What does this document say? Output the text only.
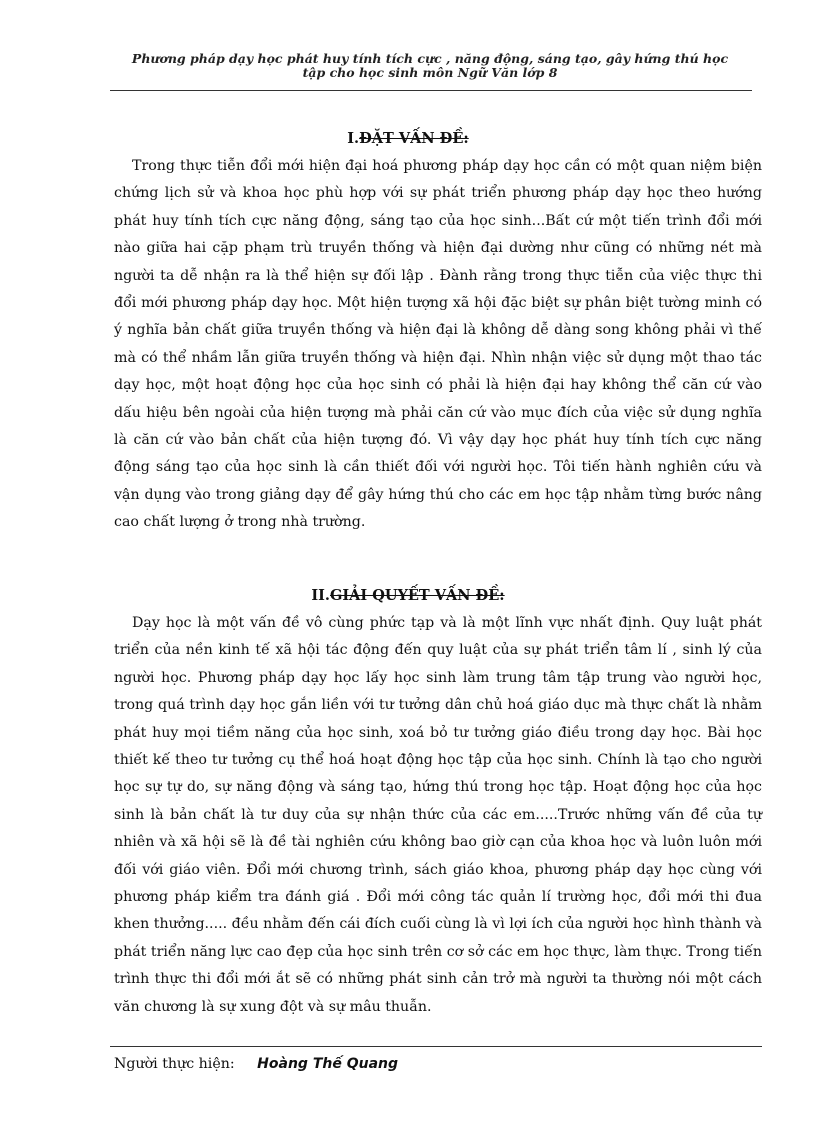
Phương pháp dạy học phát huy tính tích cực , năng động, sáng tạo, gây hứng thú học
tập cho học sinh môn Ngữ Văn lớp 8
I.ĐẶT VẤN ĐỀ:

Trong thực tiễn đổi mới hiện đại hoá phương pháp dạy học cần có một quan niệm biện chứng lịch sử và khoa học phù hợp với sự phát triển phương pháp dạy học theo hướng phát huy tính tích cực năng động, sáng tạo của học sinh...Bất cứ một tiến trình đổi mới nào giữa hai cặp phạm trù truyền thống và hiện đại dường như cũng có những nét mà người ta dễ nhận ra là thể hiện sự đối lập . Đành rằng trong thực tiễn của việc thực thi đổi mới phương pháp dạy học. Một hiện tượng xã hội đặc biệt sự phân biệt tường minh có ý nghĩa bản chất giữa truyền thống và hiện đại là không dễ dàng song không phải vì thế mà có thể nhầm lẫn giữa truyền thống và hiện đại. Nhìn nhận việc sử dụng một thao tác dạy học, một hoạt động học của học sinh có phải là hiện đại hay không thể căn cứ vào dấu hiệu bên ngoài của hiện tượng mà phải căn cứ vào mục đích của việc sử dụng nghĩa là căn cứ vào bản chất của hiện tượng đó. Vì vậy dạy học phát huy tính tích cực năng động sáng tạo của học sinh là cần thiết đối với người học. Tôi tiến hành nghiên cứu và vận dụng vào trong giảng dạy để gây hứng thú cho các em học tập nhằm từng bước nâng cao chất lượng ở trong nhà trường.

II.GIẢI QUYẾT VẤN ĐỀ:

Dạy học là một vấn đề vô cùng phức tạp và là một lĩnh vực nhất định. Quy luật phát triển của nền kinh tế xã hội tác động đến quy luật của sự phát triển tâm lí , sinh lý của người học. Phương pháp dạy học lấy học sinh làm trung tâm tập trung vào người học, trong quá trình dạy học gắn liền với tư tưởng dân chủ hoá giáo dục mà thực chất là nhằm phát huy mọi tiềm năng của học sinh, xoá bỏ tư tưởng giáo điều trong dạy học. Bài học thiết kế theo tư tưởng cụ thể hoá hoạt động học tập của học sinh. Chính là tạo cho người học sự tự do, sự năng động và sáng tạo, hứng thú trong học tập. Hoạt động học của học sinh là bản chất là tư duy của sự nhận thức của các em.....Trước những vấn đề của tự nhiên và xã hội sẽ là đề tài nghiên cứu không bao giờ cạn của khoa học và luôn luôn mới đối với giáo viên. Đổi mới chương trình, sách giáo khoa, phương pháp dạy học cùng với phương pháp kiểm tra đánh giá . Đổi mới công tác quản lí trường học, đổi mới thi đua khen thưởng..... đều nhằm đến cái đích cuối cùng là vì lợi ích của người học hình thành và phát triển năng lực cao đẹp của học sinh trên cơ sở các em học thực, làm thực. Trong tiến trình thực thi đổi mới ắt sẽ có những phát sinh cản trở mà người ta thường nói một cách văn chương là sự xung đột và sự mâu thuẫn.

Người thực hiện: Hoàng Thế Quang
